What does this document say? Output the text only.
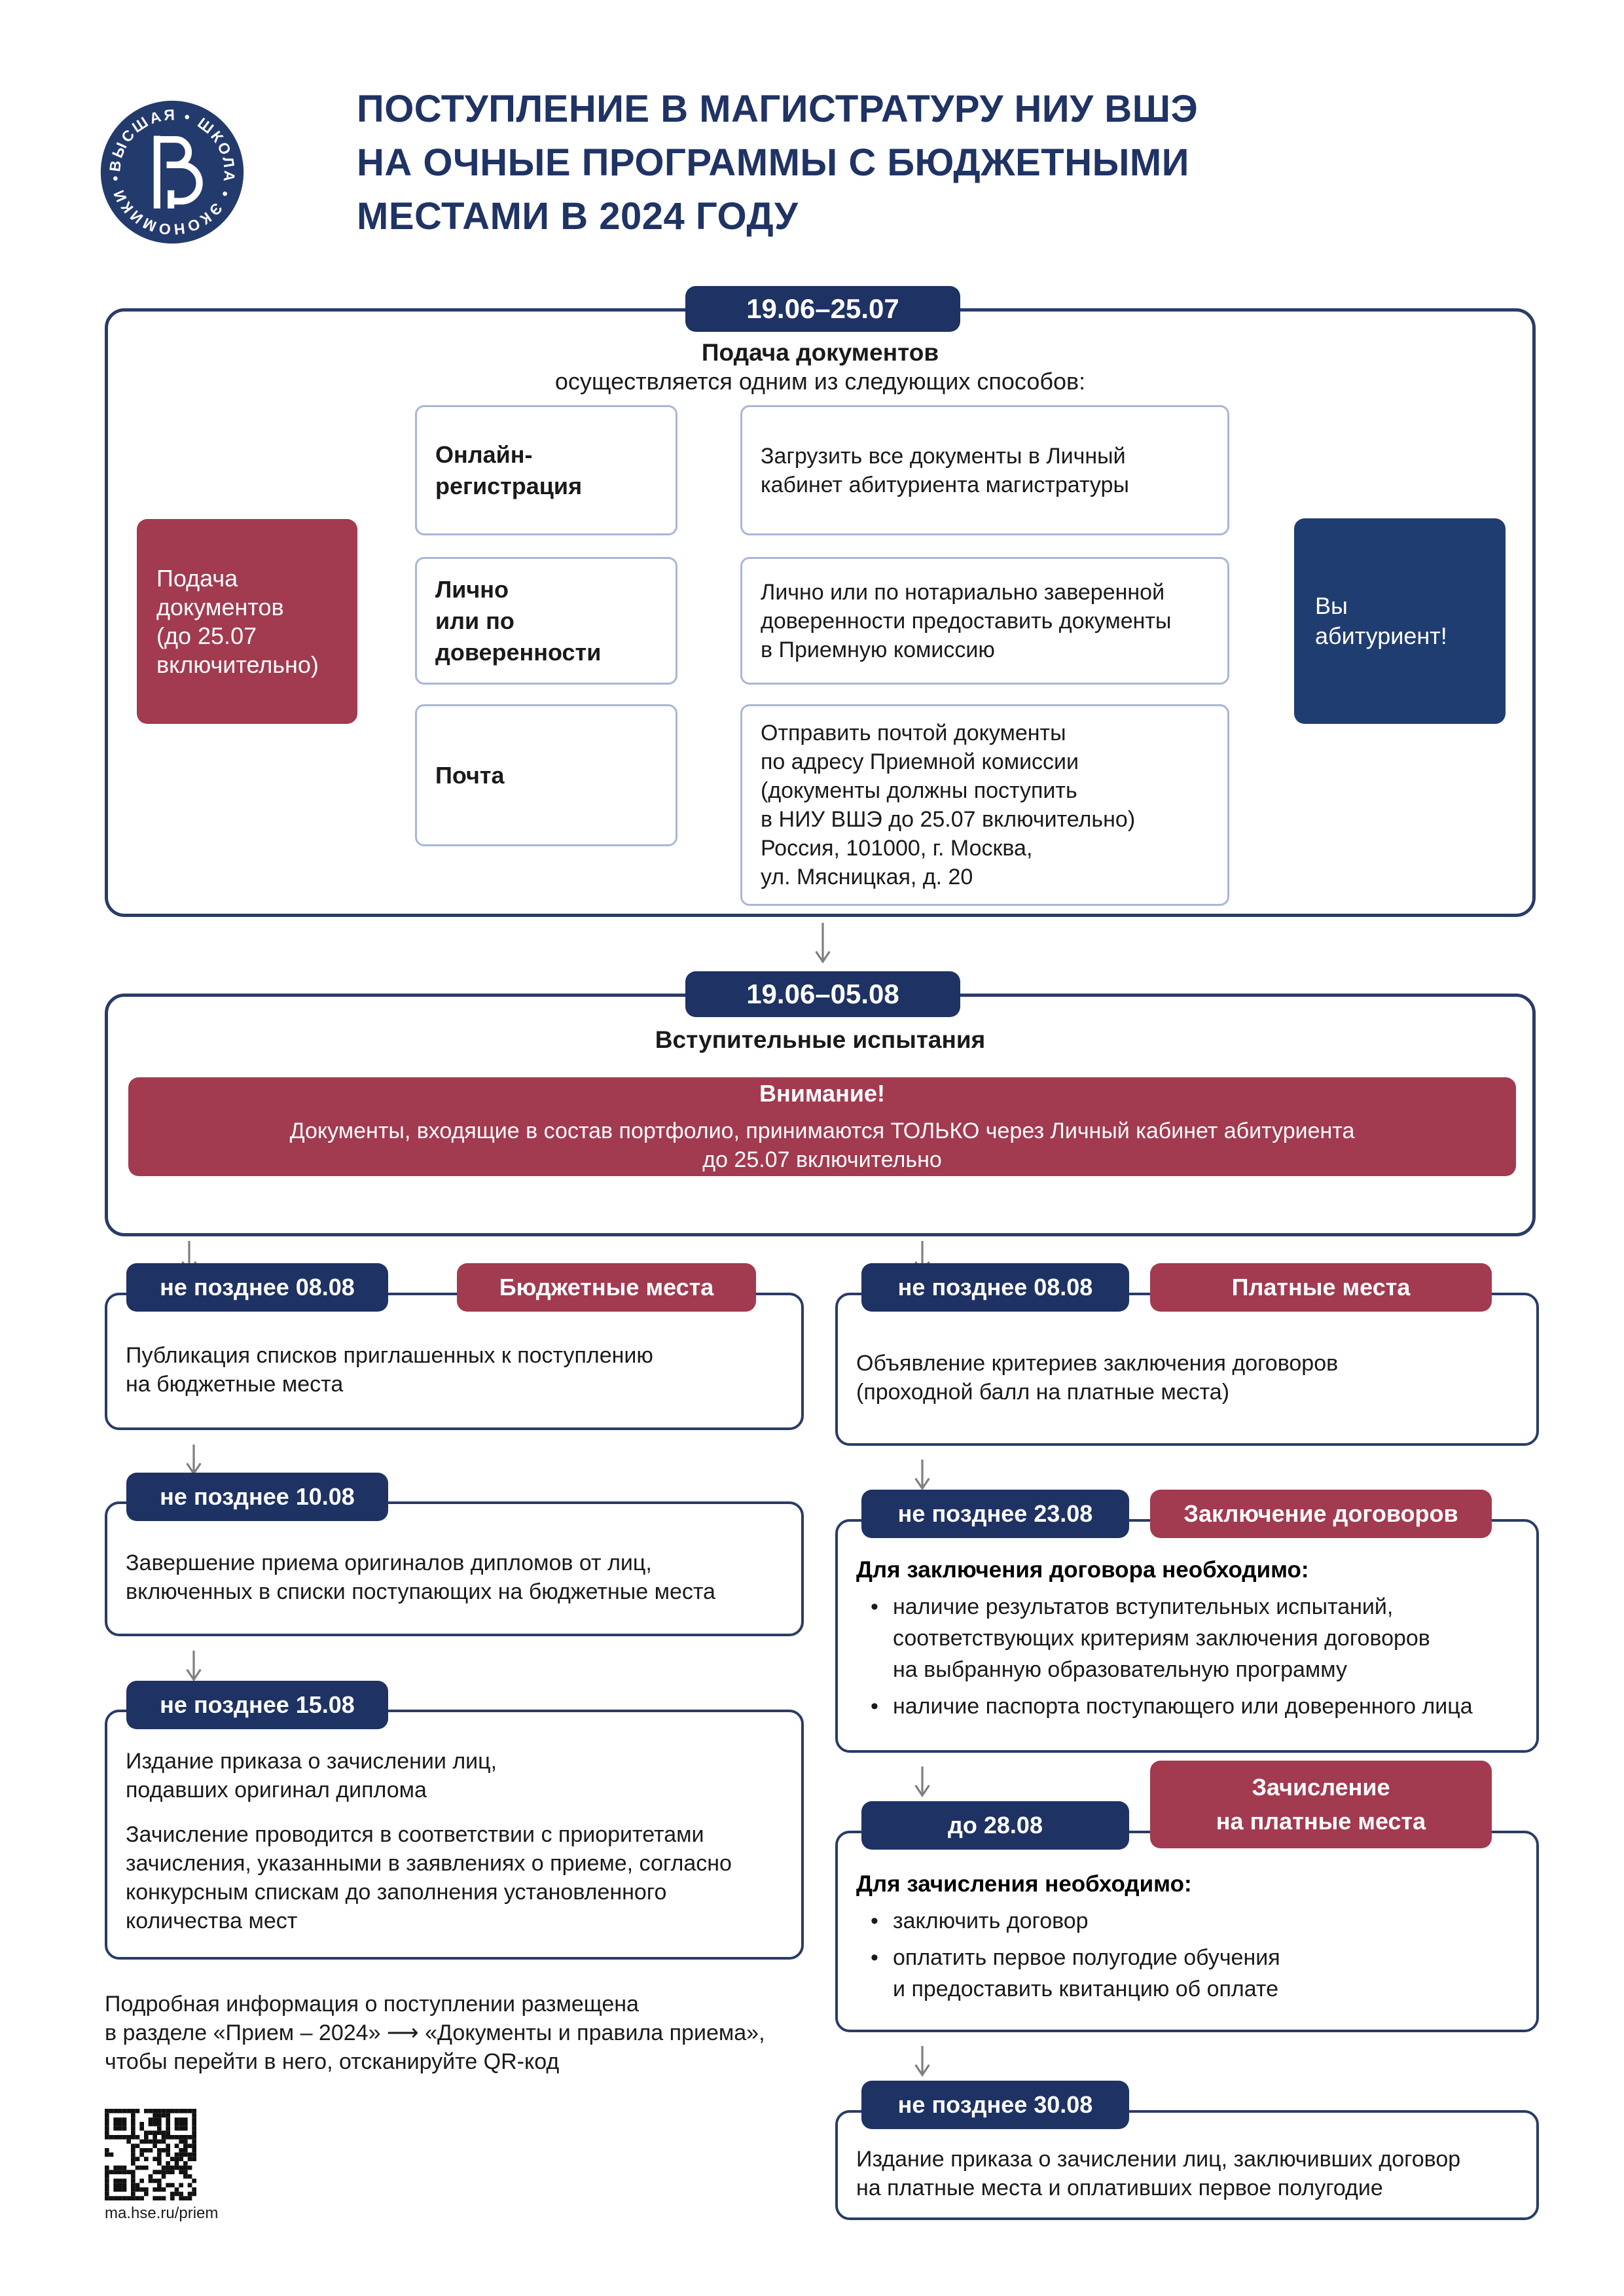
ВЫСШАЯ • ШКОЛА • ЭКОНОМИКИ •
ПОСТУПЛЕНИЕ В МАГИСТРАТУРУ НИУ ВШЭ
НА ОЧНЫЕ ПРОГРАММЫ С БЮДЖЕТНЫМИ
МЕСТАМИ В 2024 ГОДУ
19.06–25.07
Подача документов
осуществляется одним из следующих способов:
Подача
документов
(до 25.07
включительно)
Онлайн-регистрация
Загрузить все документы в Личный
кабинет абитуриента магистратуры
Лично
или по доверенности
Лично или по нотариально заверенной
доверенности предоставить документы
в Приемную комиссию
Почта
Отправить почтой документы
по адресу Приемной комиссии
(документы должны поступить
в НИУ ВШЭ до 25.07 включительно)
Россия, 101000, г. Москва,
ул. Мясницкая, д. 20
Вы
абитуриент!
19.06–05.08
Вступительные испытания
Внимание!
Документы, входящие в состав портфолио, принимаются ТОЛЬКО через Личный кабинет абитуриента
до 25.07 включительно
Публикация списков приглашенных к поступлению
на бюджетные места
не позднее 08.08	Бюджетные места
Завершение приема оригиналов дипломов от лиц,
включенных в списки поступающих на бюджетные места
не позднее 10.08
Издание приказа о зачислении лиц,
подавших оригинал диплома
Зачисление проводится в соответствии с приоритетами
зачисления, указанными в заявлениях о приеме, согласно
конкурсным спискам до заполнения установленного
количества мест
не позднее 15.08
Подробная информация о поступлении размещена
в разделе «Прием – 2024» ⟶ «Документы и правила приема»,
чтобы перейти в него, отсканируйте QR-код
ma.hse.ru/priem
Объявление критериев заключения договоров
(проходной балл на платные места)
не позднее 08.08	Платные места
Для заключения договора необходимо:
• наличие результатов вступительных испытаний,
соответствующих критериям заключения договоров
на выбранную образовательную программу
• наличие паспорта поступающего или доверенного лица
не позднее 23.08	Заключение договоров
Для зачисления необходимо:
• заключить договор
• оплатить первое полугодие обучения
и предоставить квитанцию об оплате
до 28.08
Зачисление
на платные места
Издание приказа о зачислении лиц, заключивших договор
на платные места и оплативших первое полугодие
не позднее 30.08
